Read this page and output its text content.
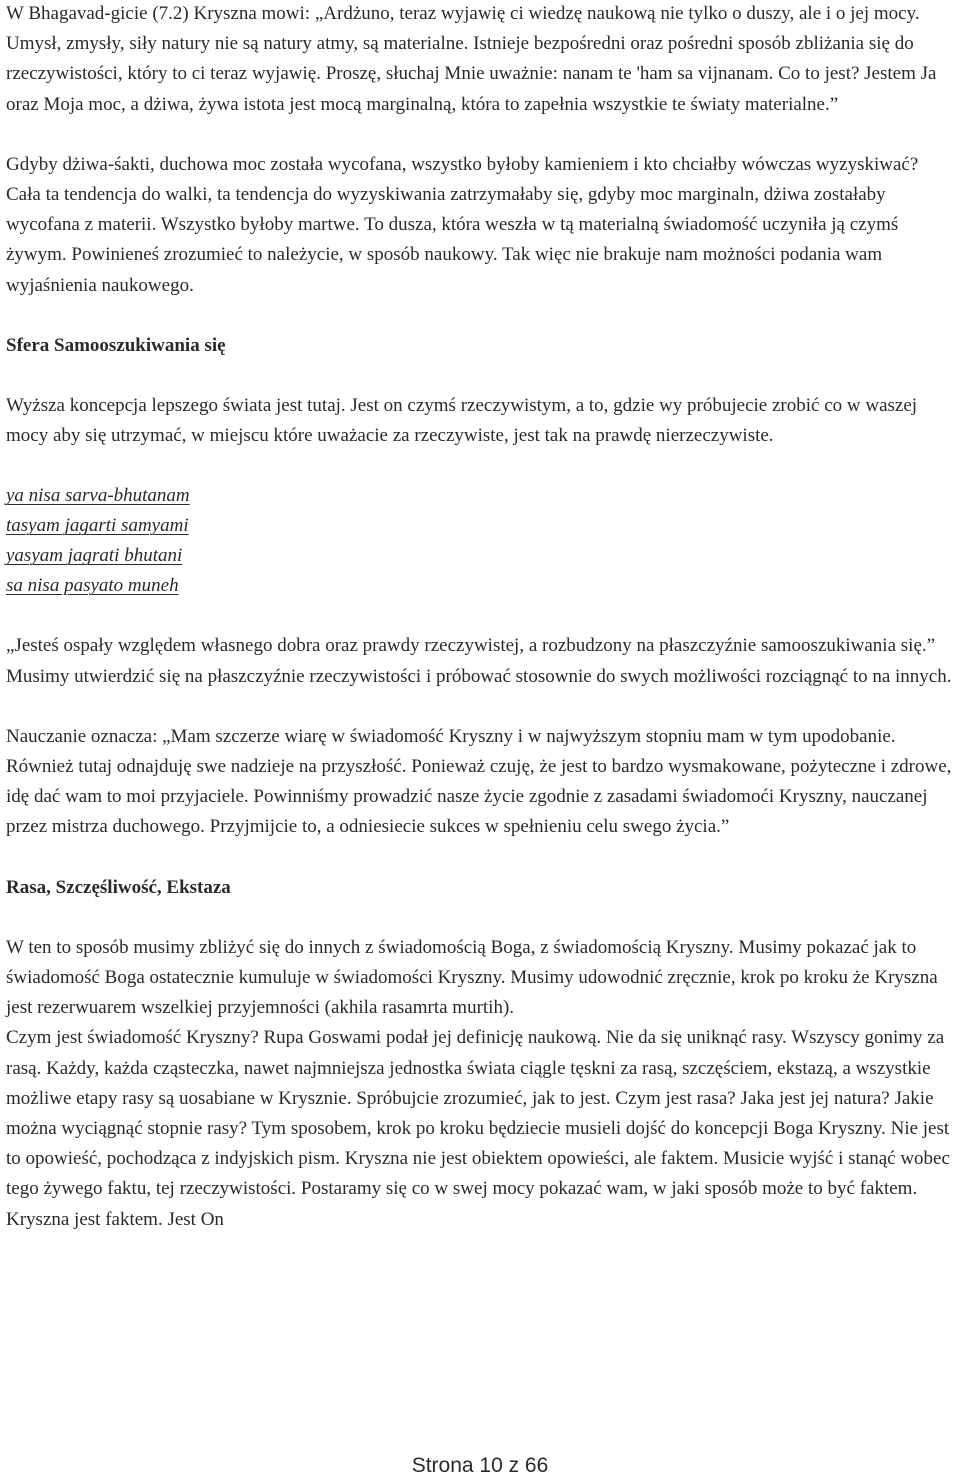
W Bhagavad-gicie (7.2) Kryszna mowi: „Ardżuno, teraz wyjawię ci wiedzę naukową nie tylko o duszy, ale i o jej mocy. Umysł, zmysły, siły natury nie są natury atmy, są materialne. Istnieje bezpośredni oraz pośredni sposób zbliżania się do rzeczywistości, który to ci teraz wyjawię. Proszę, słuchaj Mnie uważnie: nanam te 'ham sa vijnanam. Co to jest? Jestem Ja oraz Moja moc, a dżiwa, żywa istota jest mocą marginalną, która to zapełnia wszystkie te światy materialne.”

Gdyby dżiwa-śakti, duchowa moc została wycofana, wszystko byłoby kamieniem i kto chciałby wówczas wyzyskiwać? Cała ta tendencja do walki, ta tendencja do wyzyskiwania zatrzymałaby się, gdyby moc marginaln, dżiwa zostałaby wycofana z materii. Wszystko byłoby martwe. To dusza, która weszła w tą materialną świadomość uczyniła ją czymś żywym. Powinieneś zrozumieć to należycie, w sposób naukowy. Tak więc nie brakuje nam możności podania wam wyjaśnienia naukowego.

Sfera Samooszukiwania się

Wyższa koncepcja lepszego świata jest tutaj. Jest on czymś rzeczywistym, a to, gdzie wy próbujecie zrobić co w waszej mocy aby się utrzymać, w miejscu które uważacie za rzeczywiste, jest tak na prawdę nierzeczywiste.

ya nisa sarva-bhutanam
tasyam jagarti samyami
yasyam jagrati bhutani
sa nisa pasyato muneh

„Jesteś ospały względem własnego dobra oraz prawdy rzeczywistej, a rozbudzony na płaszczyźnie samooszukiwania się.” Musimy utwierdzić się na płaszczyźnie rzeczywistości i próbować stosownie do swych możliwości rozciągnąć to na innych.

Nauczanie oznacza: „Mam szczerze wiarę w świadomość Kryszny i w najwyższym stopniu mam w tym upodobanie. Również tutaj odnajduję swe nadzieje na przyszłość. Ponieważ czuję, że jest to bardzo wysmakowane, pożyteczne i zdrowe, idę dać wam to moi przyjaciele. Powinniśmy prowadzić nasze życie zgodnie z zasadami świadomoći Kryszny, nauczanej przez mistrza duchowego. Przyjmijcie to, a odniesiecie sukces w spełnieniu celu swego życia.”

Rasa, Szczęśliwość, Ekstaza

W ten to sposób musimy zbliżyć się do innych z świadomością Boga, z świadomością Kryszny. Musimy pokazać jak to świadomość Boga ostatecznie kumuluje w świadomości Kryszny. Musimy udowodnić zręcznie, krok po kroku że Kryszna jest rezerwuarem wszelkiej przyjemności (akhila rasamrta murtih).

Czym jest świadomość Kryszny? Rupa Goswami podał jej definicję naukową. Nie da się uniknąć rasy. Wszyscy gonimy za rasą. Każdy, każda cząsteczka, nawet najmniejsza jednostka świata ciągle tęskni za rasą, szczęściem, ekstazą, a wszystkie możliwe etapy rasy są uosabiane w Krysznie. Spróbujcie zrozumieć, jak to jest. Czym jest rasa? Jaka jest jej natura? Jakie można wyciągnąć stopnie rasy? Tym sposobem, krok po kroku będziecie musieli dojść do koncepcji Boga Kryszny. Nie jest to opowieść, pochodząca z indyjskich pism. Kryszna nie jest obiektem opowieści, ale faktem. Musicie wyjść i stanąć wobec tego żywego faktu, tej rzeczywistości. Postaramy się co w swej mocy pokazać wam, w jaki sposób może to być faktem. Kryszna jest faktem. Jest On

Strona 10 z 66
